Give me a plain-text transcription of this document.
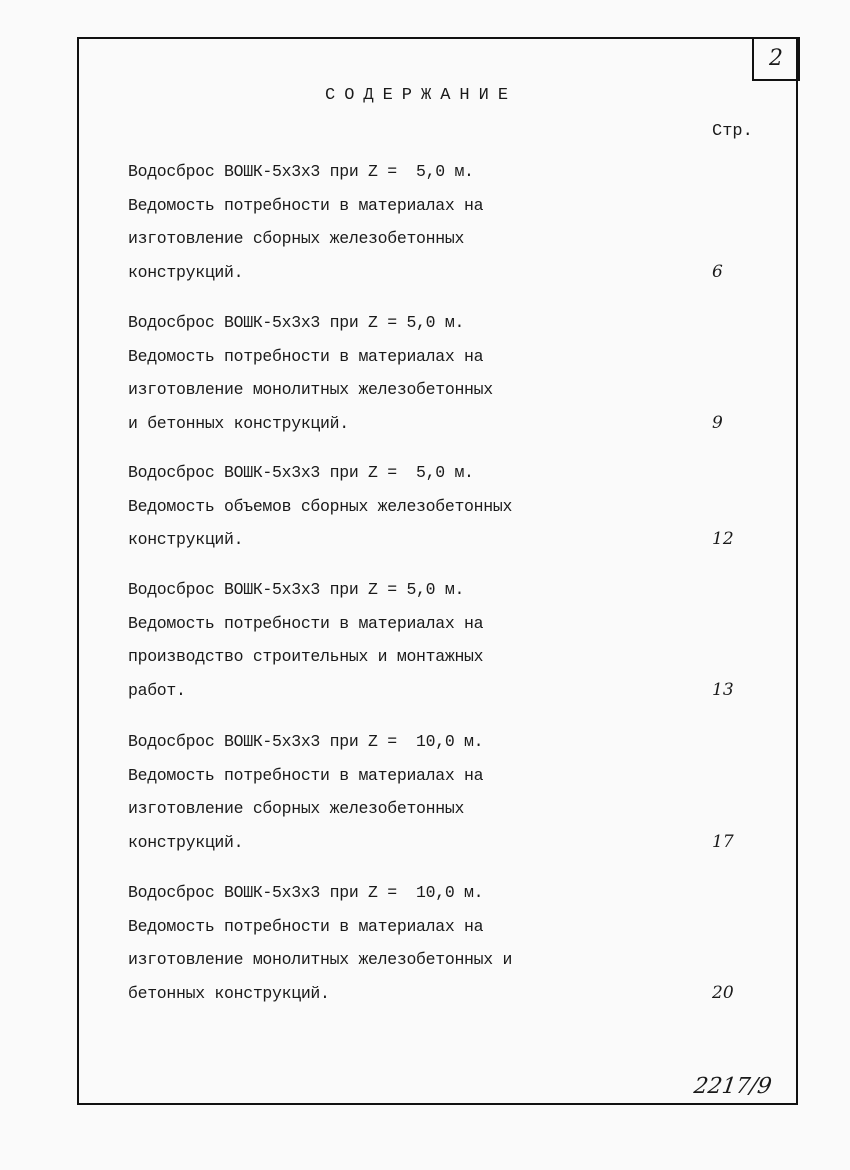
2
СОДЕРЖАНИЕ
Стр.
Водосброс ВОШК-5х3х3 при Z =  5,0 м.
Ведомость потребности в материалах на
изготовление сборных железобетонных
конструкций.	6
Водосброс ВОШК-5х3х3 при Z = 5,0 м.
Ведомость потребности в материалах на
изготовление монолитных железобетонных
и бетонных конструкций.	9
Водосброс ВОШК-5х3х3 при Z =  5,0 м.
Ведомость объемов сборных железобетонных
конструкций.	12
Водосброс ВОШК-5х3х3 при Z = 5,0 м.
Ведомость потребности в материалах на
производство строительных и монтажных
работ.	13
Водосброс ВОШК-5х3х3 при Z =  10,0 м.
Ведомость потребности в материалах на
изготовление сборных железобетонных
конструкций.	17
Водосброс ВОШК-5х3х3 при Z =  10,0 м.
Ведомость потребности в материалах на
изготовление монолитных железобетонных и
бетонных конструкций.	20
2217/9
